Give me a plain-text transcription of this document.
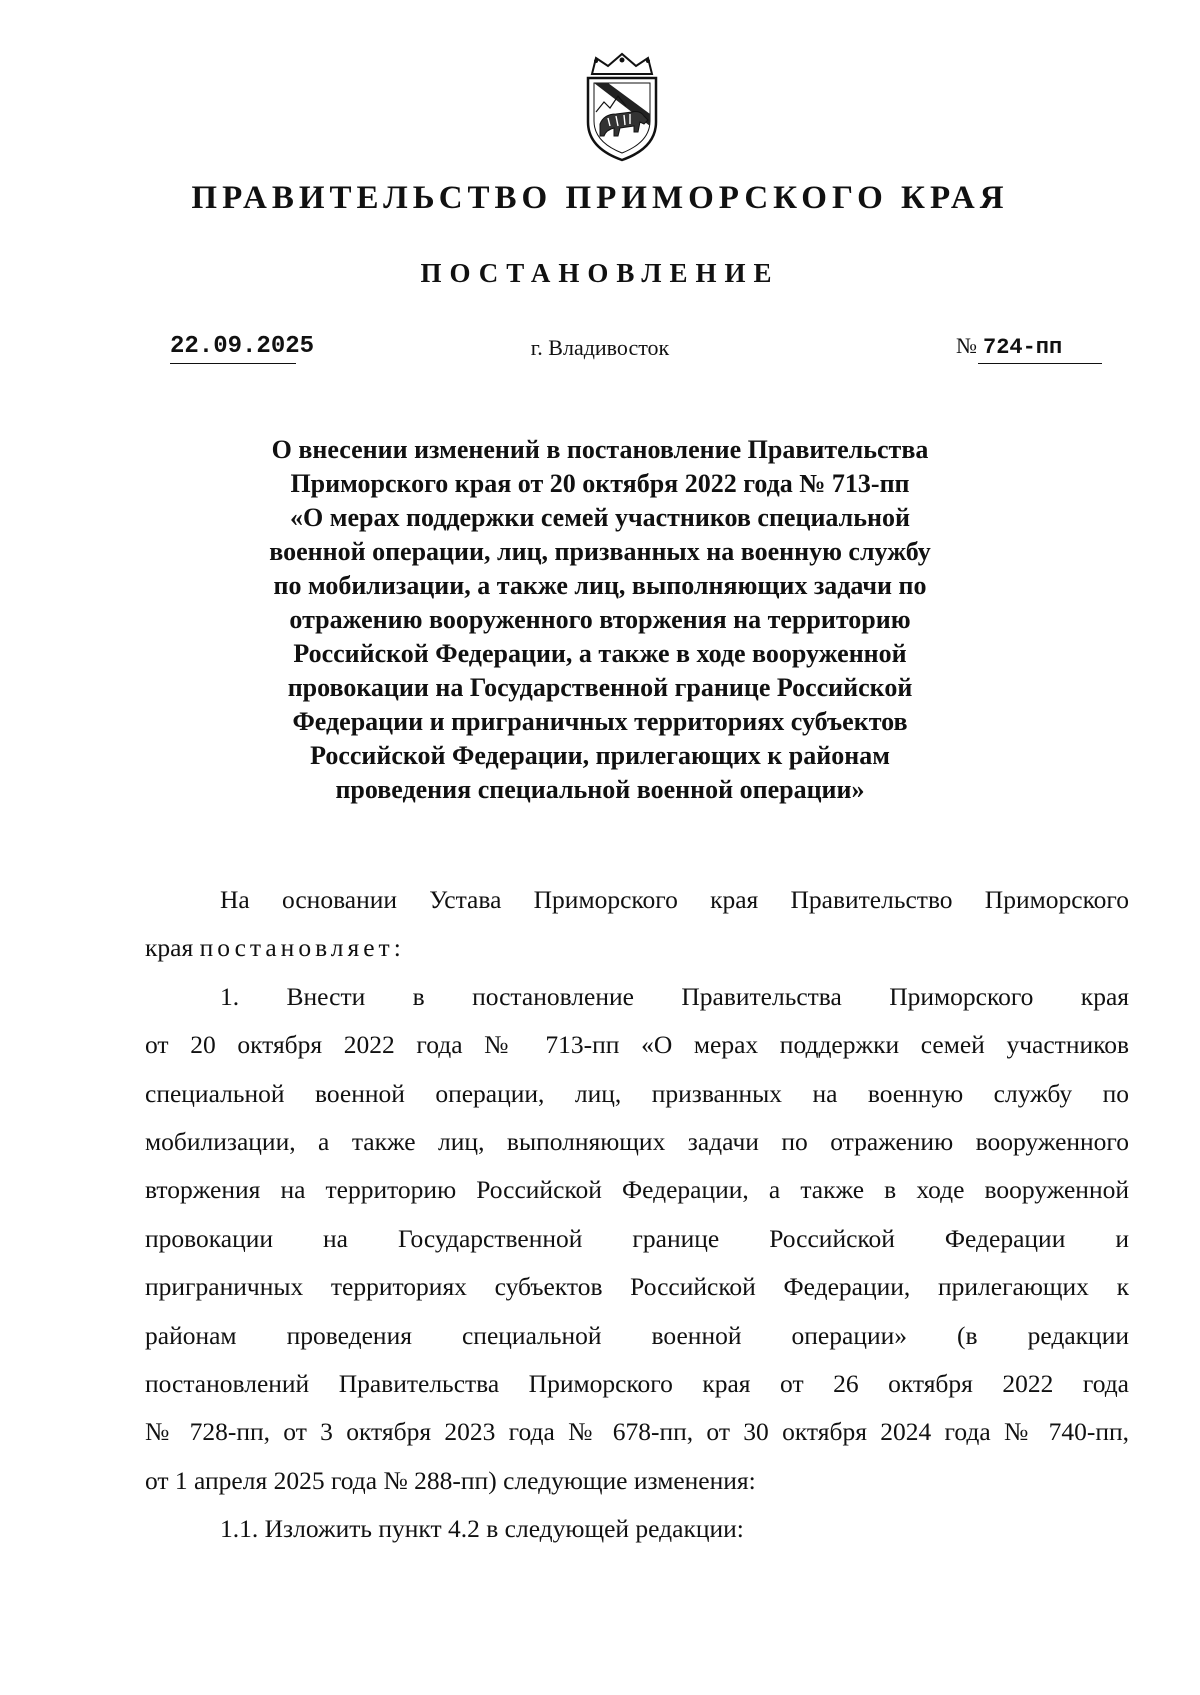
ПРАВИТЕЛЬСТВО ПРИМОРСКОГО КРАЯ
ПОСТАНОВЛЕНИЕ
22.09.2025	г. Владивосток	№ 724-пп
О внесении изменений в постановление Правительства
Приморского края от 20 октября 2022 года № 713-пп
«О мерах поддержки семей участников специальной
военной операции, лиц, призванных на военную службу
по мобилизации, а также лиц, выполняющих задачи по
отражению вооруженного вторжения на территорию
Российской Федерации, а также в ходе вооруженной
провокации на Государственной границе Российской
Федерации и приграничных территориях субъектов
Российской Федерации, прилегающих к районам
проведения специальной военной операции»
На основании Устава Приморского края Правительство Приморского
края постановляет:
1. Внести в постановление Правительства Приморского края
от 20 октября 2022 года № 713-пп «О мерах поддержки семей участников
специальной военной операции, лиц, призванных на военную службу по
мобилизации, а также лиц, выполняющих задачи по отражению вооруженного
вторжения на территорию Российской Федерации, а также в ходе вооруженной
провокации на Государственной границе Российской Федерации и
приграничных территориях субъектов Российской Федерации, прилегающих к
районам проведения специальной военной операции» (в редакции
постановлений Правительства Приморского края от 26 октября 2022 года
№ 728-пп, от 3 октября 2023 года № 678-пп, от 30 октября 2024 года № 740-пп,
от 1 апреля 2025 года № 288-пп) следующие изменения:
1.1. Изложить пункт 4.2 в следующей редакции:
